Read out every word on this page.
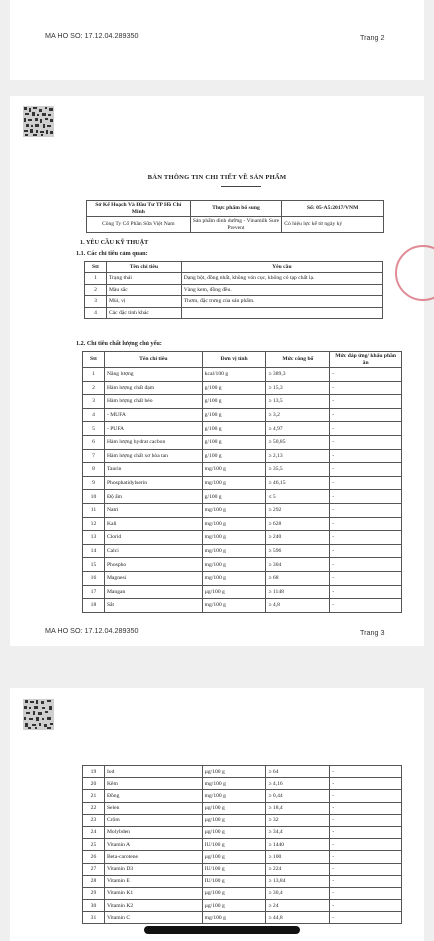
MA HO SO: 17.12.04.289350	Trang 2
BẢN THÔNG TIN CHI TIẾT VỀ SẢN PHẨM
Sở Kế Hoạch Và Đầu Tư TP Hồ Chí Minh	Thực phẩm bổ sung	Số: 05-A5:2017/VNM
Công Ty Cổ Phần Sữa Việt Nam	Sản phẩm dinh dưỡng - Vinamilk Sure Prevent	Có hiệu lực kể từ ngày ký
1. YÊU CẦU KỸ THUẬT
1.1. Các chỉ tiêu cảm quan:
Stt	Tên chỉ tiêu	Yêu cầu
1	Trạng thái	Dạng bột, đồng nhất, không vón cục, không có tạp chất lạ.
2	Màu sắc	Vàng kem, đồng đều.
3	Mùi, vị	Thơm, đặc trưng của sản phẩm.
4	Các đặc tính khác	
1.2. Chỉ tiêu chất lượng chủ yếu:
Stt	Tên chỉ tiêu	Đơn vị tính	Mức công bố	Mức đáp ứng/ khẩu phần ăn
1	Năng lượng	kcal/100 g	≥ 389,3	-
2	Hàm lượng chất đạm	g/100 g	≥ 15,3	-
3	Hàm lượng chất béo	g/100 g	≥ 13,5	-
4	- MUFA	g/100 g	≥ 3,2	-
5	- PUFA	g/100 g	≥ 4,97	-
6	Hàm lượng hydrat cacbon	g/100 g	≥ 50,85	-
7	Hàm lượng chất xơ hòa tan	g/100 g	≥ 2,13	-
8	Taurin	mg/100 g	≥ 35,5	-
9	Phosphatidylserin	mg/100 g	≥ 46,15	-
10	Độ ẩm	g/100 g	≤ 5	-
11	Natri	mg/100 g	≥ 292	-
12	Kali	mg/100 g	≥ 628	-
13	Clorid	mg/100 g	≥ 240	-
14	Calci	mg/100 g	≥ 596	-
15	Phospho	mg/100 g	≥ 304	-
16	Magnesi	mg/100 g	≥ 68	-
17	Mangan	µg/100 g	≥ 1148	-
18	Sắt	mg/100 g	≥ 4,8	-
MA HO SO: 17.12.04.289350	Trang 3
19	Iod	µg/100 g	≥ 64	-
20	Kẽm	mg/100 g	≥ 4,16	-
21	Đồng	mg/100 g	≥ 0,44	-
22	Selen	µg/100 g	≥ 18,4	-
23	Crôm	µg/100 g	≥ 32	-
24	Molybden	µg/100 g	≥ 34,4	-
25	Vitamin A	IU/100 g	≥ 1440	-
26	Beta-carotene	µg/100 g	≥ 100	-
27	Vitamin D3	IU/100 g	≥ 224	-
28	Vitamin E	IU/100 g	≥ 13,84	-
29	Vitamin K1	µg/100 g	≥ 30,4	-
30	Vitamin K2	µg/100 g	≥ 24	-
31	Vitamin C	mg/100 g	≥ 44,8	-
